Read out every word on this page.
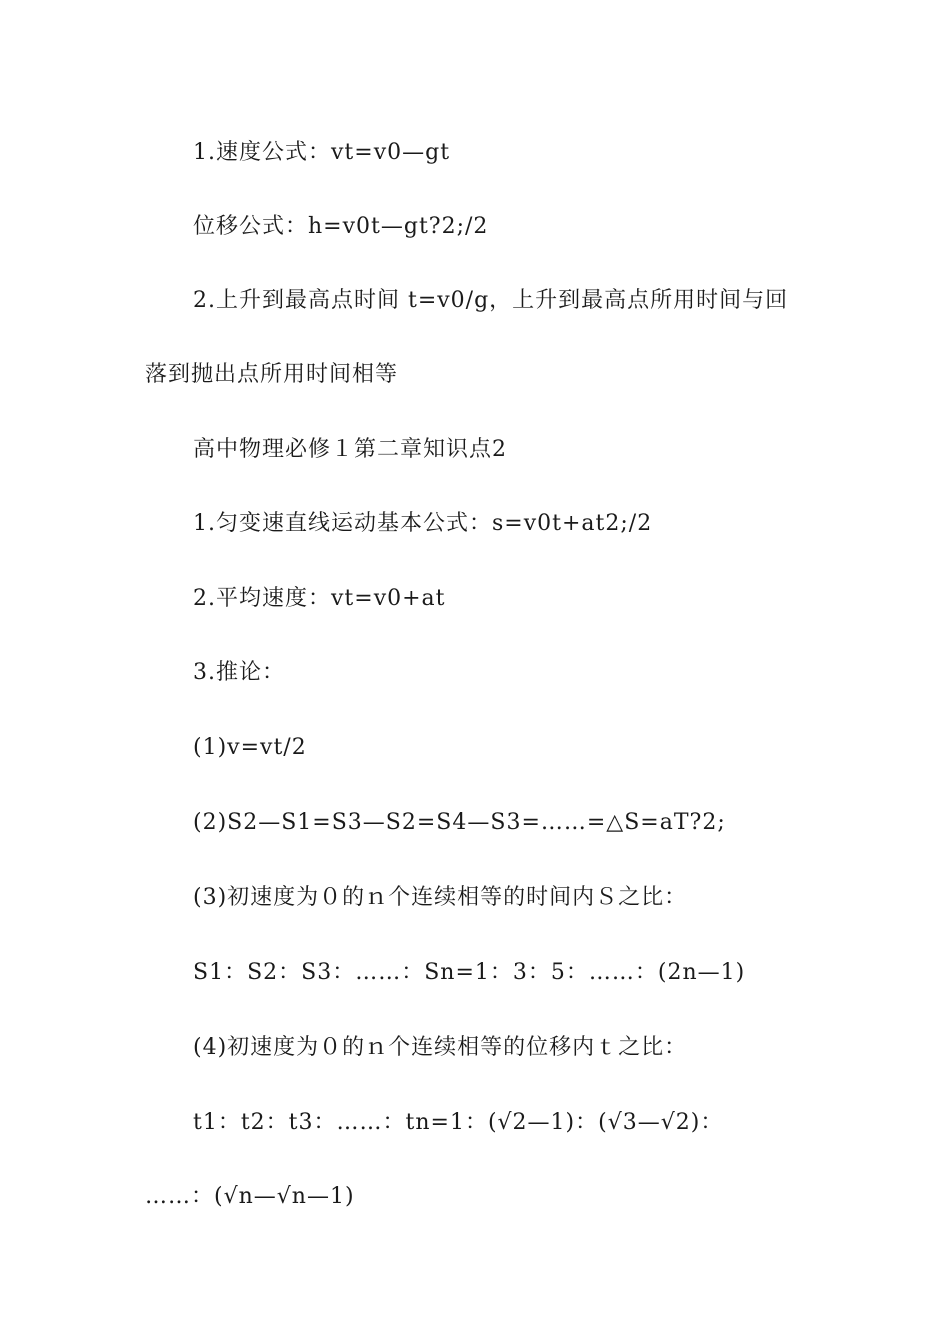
1.速度公式：vt=v0—gt
位移公式：h=v0t—gt?2;/2
2.上升到最高点时间 t=v0/g，上升到最高点所用时间与回
落到抛出点所用时间相等
高中物理必修１第二章知识点2
1.匀变速直线运动基本公式：s=v0t+at2;/2
2.平均速度：vt=v0+at
3.推论：
(1)v=vt/2
(2)S2—S1=S3—S2=S4—S3=……=△S=aT?2;
(3)初速度为０的ｎ个连续相等的时间内Ｓ之比：
S1：S2：S3：……：Sn=1：3：5：……：(2n—1)
(4)初速度为０的ｎ个连续相等的位移内ｔ之比：
t1：t2：t3：……：tn=1：(√2—1)：(√3—√2)：
……：(√n—√n—1)
